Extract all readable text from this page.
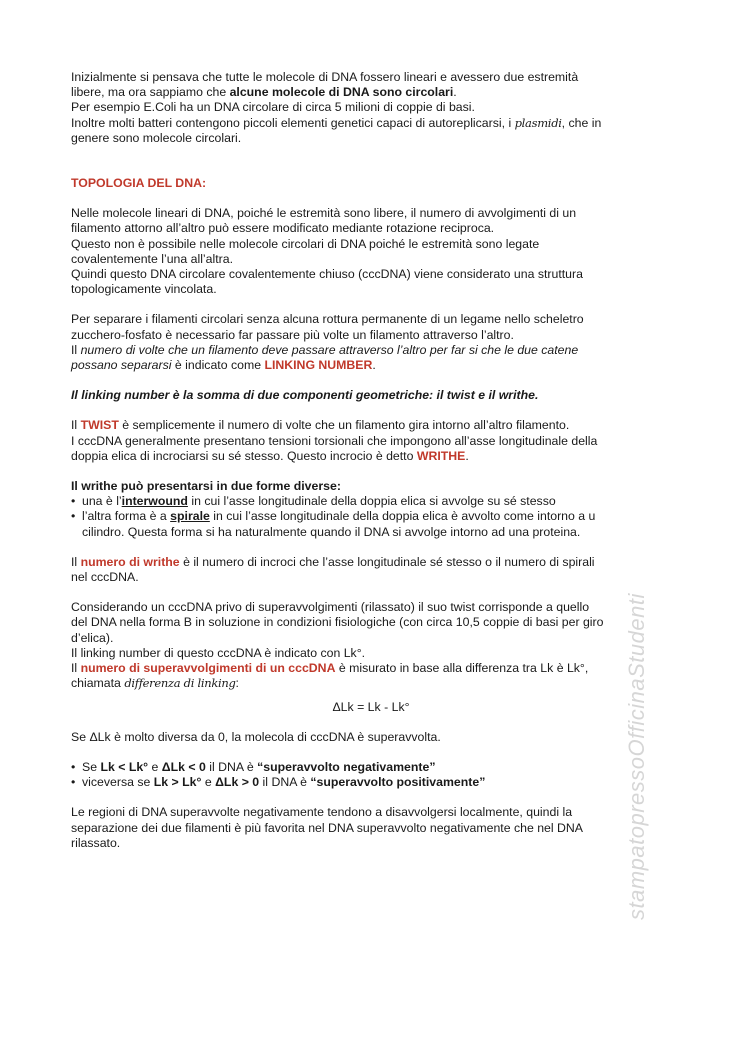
Inizialmente si pensava che tutte le molecole di DNA fossero lineari e avessero due estremità

libere, ma ora sappiamo che alcune molecole di DNA sono circolari.

Per esempio E.Coli ha un DNA circolare di circa 5 milioni di coppie di basi.

Inoltre molti batteri contengono piccoli elementi genetici capaci di autoreplicarsi, i plasmidi, che in

genere sono molecole circolari.

TOPOLOGIA DEL DNA:

Nelle molecole lineari di DNA, poiché le estremità sono libere, il numero di avvolgimenti di un

filamento attorno all’altro può essere modificato mediante rotazione reciproca.

Questo non è possibile nelle molecole circolari di DNA poiché le estremità sono legate

covalentemente l’una all’altra.

Quindi questo DNA circolare covalentemente chiuso (cccDNA) viene considerato una struttura

topologicamente vincolata.

Per separare i filamenti circolari senza alcuna rottura permanente di un legame nello scheletro

zucchero-fosfato è necessario far passare più volte un filamento attraverso l’altro.

Il numero di volte che un filamento deve passare attraverso l’altro per far si che le due catene

possano separarsi è indicato come LINKING NUMBER.

Il linking number è la somma di due componenti geometriche: il twist e il writhe.

Il TWIST è semplicemente il numero di volte che un filamento gira intorno all’altro filamento.

I cccDNA generalmente presentano tensioni torsionali che impongono all’asse longitudinale della

doppia elica di incrociarsi su sé stesso. Questo incrocio è detto WRITHE.

Il writhe può presentarsi in due forme diverse:

• una è l’interwound in cui l’asse longitudinale della doppia elica si avvolge su sé stesso
• l’altra forma è a spirale in cui l’asse longitudinale della doppia elica è avvolto come intorno a u
cilindro. Questa forma si ha naturalmente quando il DNA si avvolge intorno ad una proteina.

Il numero di writhe è il numero di incroci che l’asse longitudinale sé stesso o il numero di spirali

nel cccDNA.

Considerando un cccDNA privo di superavvolgimenti (rilassato) il suo twist corrisponde a quello

del DNA nella forma B in soluzione in condizioni fisiologiche (con circa 10,5 coppie di basi per giro

d’elica).

Il linking number di questo cccDNA è indicato con Lk°.

Il numero di superavvolgimenti di un cccDNA è misurato in base alla differenza tra Lk è Lk°,

chiamata differenza di linking:

ΔLk = Lk - Lk°

Se ΔLk è molto diversa da 0, la molecola di cccDNA è superavvolta.

• Se Lk < Lk° e ΔLk < 0 il DNA è “superavvolto negativamente”
• viceversa se Lk > Lk° e ΔLk > 0 il DNA è “superavvolto positivamente”

Le regioni di DNA superavvolte negativamente tendono a disavvolgersi localmente, quindi la

separazione dei due filamenti è più favorita nel DNA superavvolto negativamente che nel DNA

rilassato.	stampatopressoOfficinaStudenti
